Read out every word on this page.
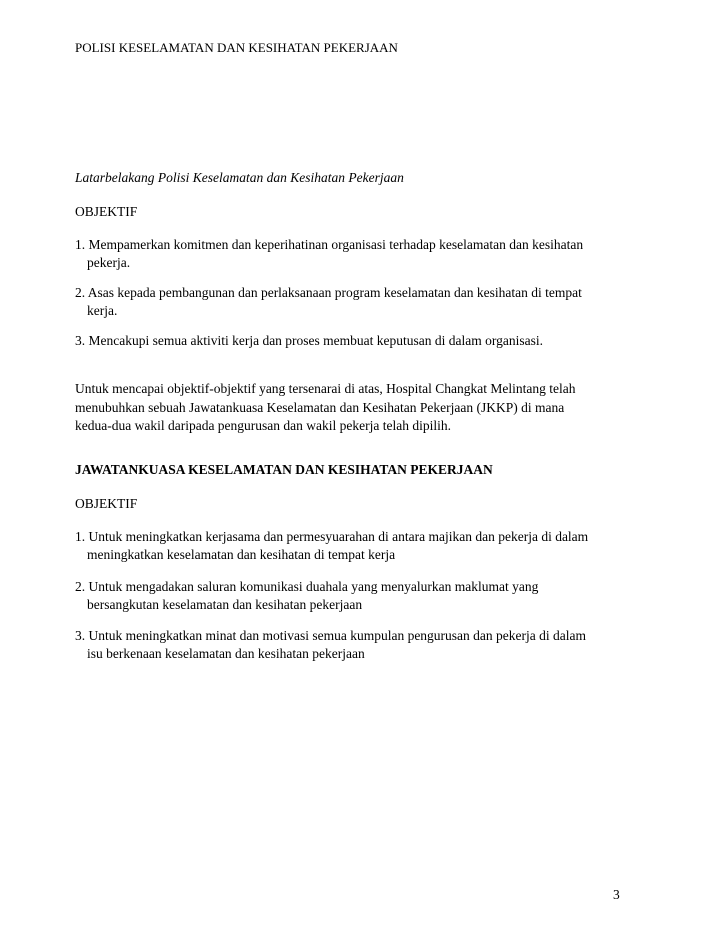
POLISI KESELAMATAN DAN KESIHATAN PEKERJAAN

Latarbelakang Polisi Keselamatan dan Kesihatan Pekerjaan

OBJEKTIF

1. Mempamerkan komitmen dan keperihatinan organisasi terhadap keselamatan dan kesihatan
pekerja.
2. Asas kepada pembangunan dan perlaksanaan program keselamatan dan kesihatan di tempat
kerja.
3. Mencakupi semua aktiviti kerja dan proses membuat keputusan di dalam organisasi.
Untuk mencapai objektif-objektif yang tersenarai di atas, Hospital Changkat Melintang telah
menubuhkan sebuah Jawatankuasa Keselamatan dan Kesihatan Pekerjaan (JKKP) di mana
kedua-dua wakil daripada pengurusan dan wakil pekerja telah dipilih.

JAWATANKUASA KESELAMATAN DAN KESIHATAN PEKERJAAN

OBJEKTIF

1. Untuk meningkatkan kerjasama dan permesyuarahan di antara majikan dan pekerja di dalam
meningkatkan keselamatan dan kesihatan di tempat kerja
2. Untuk mengadakan saluran komunikasi duahala yang menyalurkan maklumat yang
bersangkutan keselamatan dan kesihatan pekerjaan
3. Untuk meningkatkan minat dan motivasi semua kumpulan pengurusan dan pekerja di dalam
isu berkenaan keselamatan dan kesihatan pekerjaan
3
